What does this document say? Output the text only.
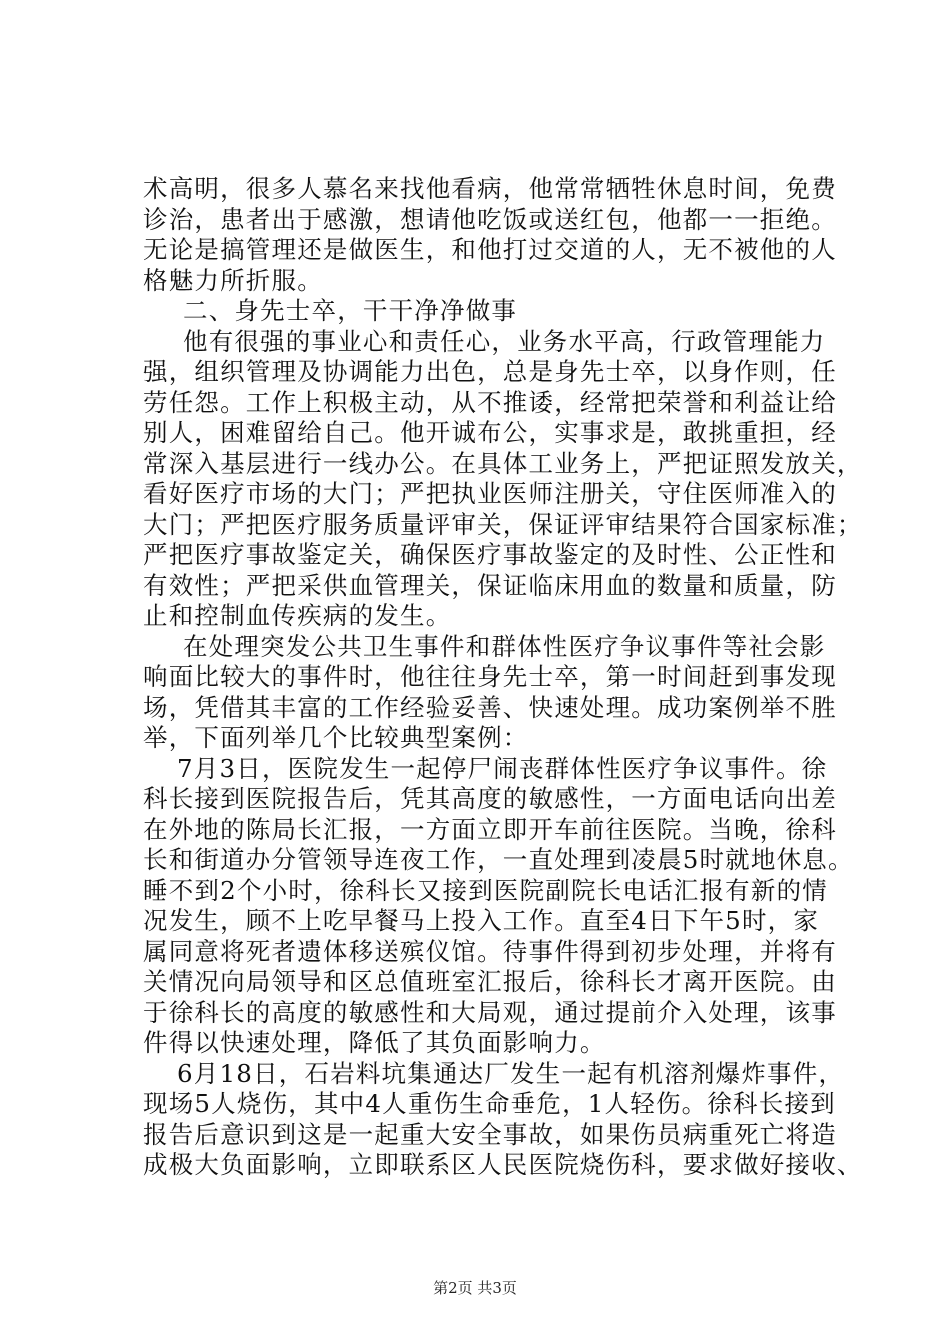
术高明，很多人慕名来找他看病，他常常牺牲休息时间，免费
诊治，患者出于感激，想请他吃饭或送红包，他都一一拒绝。
无论是搞管理还是做医生，和他打过交道的人，无不被他的人
格魅力所折服。
二、身先士卒，干干净净做事
他有很强的事业心和责任心，业务水平高，行政管理能力
强，组织管理及协调能力出色，总是身先士卒，以身作则，任
劳任怨。工作上积极主动，从不推诿，经常把荣誉和利益让给
别人，困难留给自己。他开诚布公，实事求是，敢挑重担，经
常深入基层进行一线办公。在具体工业务上，严把证照发放关，
看好医疗市场的大门；严把执业医师注册关，守住医师准入的
大门；严把医疗服务质量评审关，保证评审结果符合国家标准；
严把医疗事故鉴定关，确保医疗事故鉴定的及时性、公正性和
有效性；严把采供血管理关，保证临床用血的数量和质量，防
止和控制血传疾病的发生。
在处理突发公共卫生事件和群体性医疗争议事件等社会影
响面比较大的事件时，他往往身先士卒，第一时间赶到事发现
场，凭借其丰富的工作经验妥善、快速处理。成功案例举不胜
举，下面列举几个比较典型案例：
7月3日，医院发生一起停尸闹丧群体性医疗争议事件。徐
科长接到医院报告后，凭其高度的敏感性，一方面电话向出差
在外地的陈局长汇报，一方面立即开车前往医院。当晚，徐科
长和街道办分管领导连夜工作，一直处理到凌晨5时就地休息。
睡不到2个小时，徐科长又接到医院副院长电话汇报有新的情
况发生，顾不上吃早餐马上投入工作。直至4日下午5时，家
属同意将死者遗体移送殡仪馆。待事件得到初步处理，并将有
关情况向局领导和区总值班室汇报后，徐科长才离开医院。由
于徐科长的高度的敏感性和大局观，通过提前介入处理，该事
件得以快速处理，降低了其负面影响力。
6月18日，石岩料坑集通达厂发生一起有机溶剂爆炸事件，
现场5人烧伤，其中4人重伤生命垂危，1人轻伤。徐科长接到
报告后意识到这是一起重大安全事故，如果伤员病重死亡将造
成极大负面影响，立即联系区人民医院烧伤科，要求做好接收、
第2页 共3页
